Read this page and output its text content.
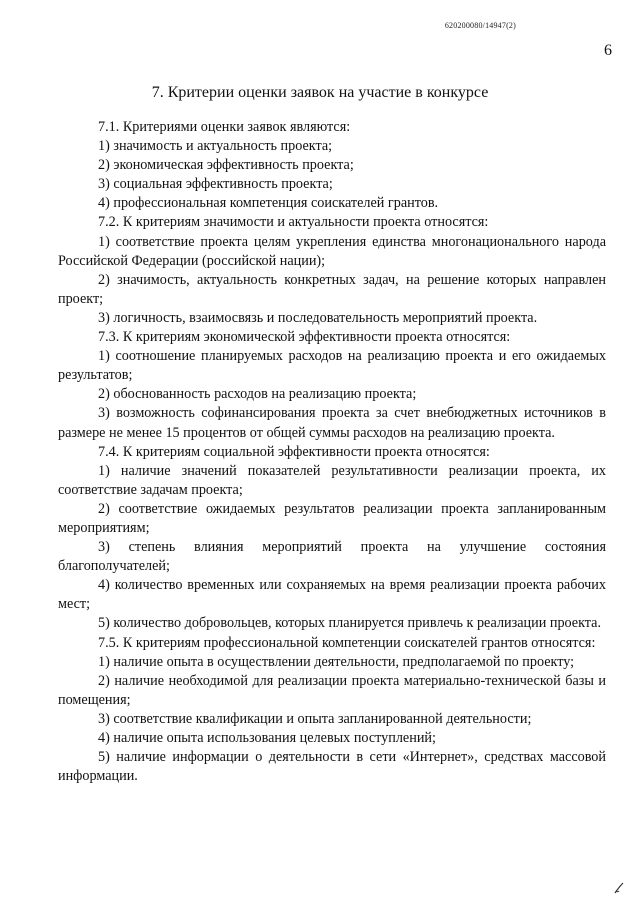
620200080/14947(2)
6
7. Критерии оценки заявок на участие в конкурсе

7.1. Критериями оценки заявок являются:

1) значимость и актуальность проекта;

2) экономическая эффективность проекта;

3) социальная эффективность проекта;

4) профессиональная компетенция соискателей грантов.

7.2. К критериям значимости и актуальности проекта относятся:

1) соответствие проекта целям укрепления единства многонационального народа Российской Федерации (российской нации);

2) значимость, актуальность конкретных задач, на решение которых направлен проект;

3) логичность, взаимосвязь и последовательность мероприятий проекта.

7.3. К критериям экономической эффективности проекта относятся:

1) соотношение планируемых расходов на реализацию проекта и его ожидаемых результатов;

2) обоснованность расходов на реализацию проекта;

3) возможность софинансирования проекта за счет внебюджетных источников в размере не менее 15 процентов от общей суммы расходов на реализацию проекта.

7.4. К критериям социальной эффективности проекта относятся:

1) наличие значений показателей результативности реализации проекта, их соответствие задачам проекта;

2) соответствие ожидаемых результатов реализации проекта запланированным мероприятиям;

3) степень влияния мероприятий проекта на улучшение состояния благополучателей;

4) количество временных или сохраняемых на время реализации проекта рабочих мест;

5) количество добровольцев, которых планируется привлечь к реализации проекта.

7.5. К критериям профессиональной компетенции соискателей грантов относятся:

1) наличие опыта в осуществлении деятельности, предполагаемой по проекту;

2) наличие необходимой для реализации проекта материально-технической базы и помещения;

3) соответствие квалификации и опыта запланированной деятельности;

4) наличие опыта использования целевых поступлений;

5) наличие информации о деятельности в сети «Интернет», средствах массовой информации.
